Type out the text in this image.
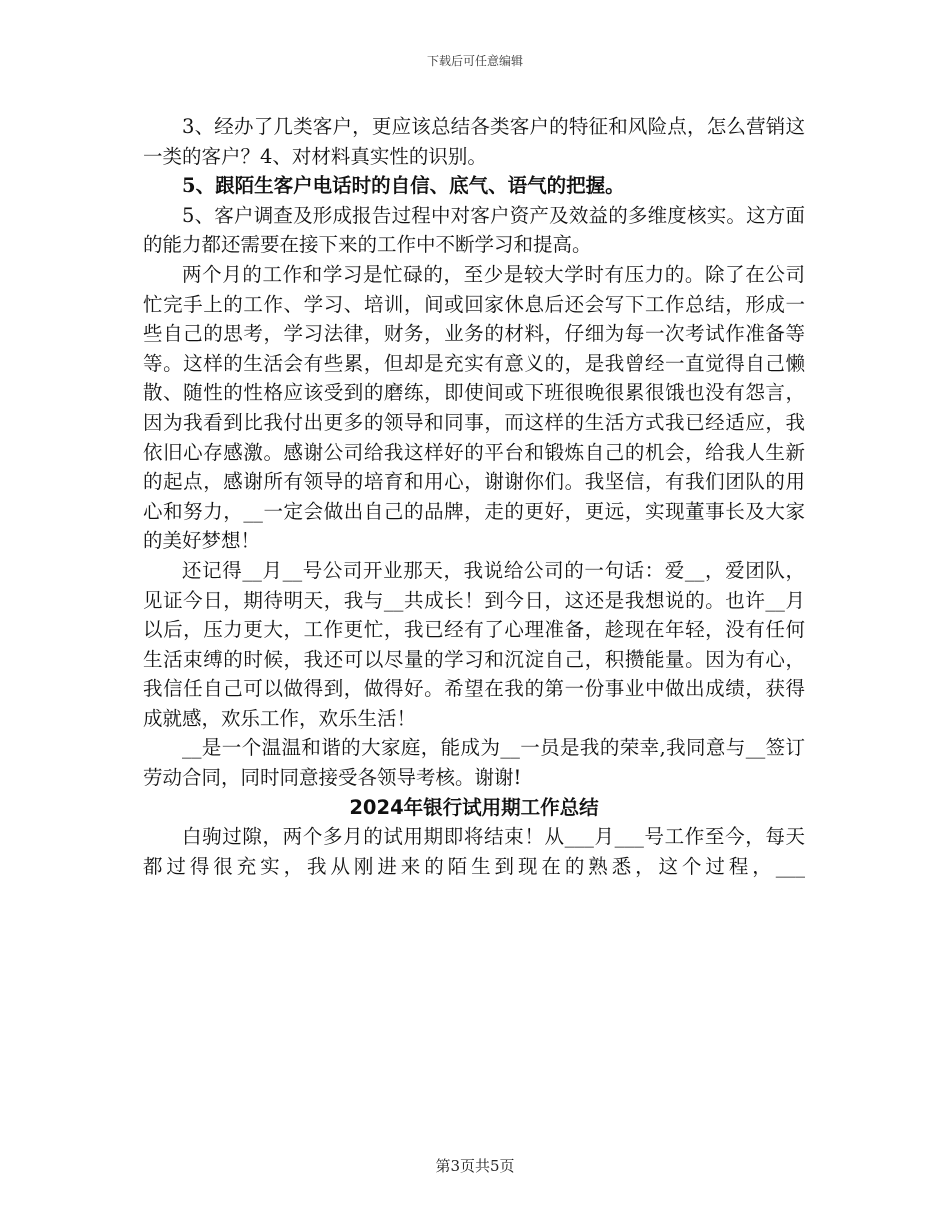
下载后可任意编辑

3、经办了几类客户，更应该总结各类客户的特征和风险点，怎么营销这一类的客户？4、对材料真实性的识别。

5、跟陌生客户电话时的自信、底气、语气的把握。

5、客户调查及形成报告过程中对客户资产及效益的多维度核实。这方面的能力都还需要在接下来的工作中不断学习和提高。

两个月的工作和学习是忙碌的，至少是较大学时有压力的。除了在公司忙完手上的工作、学习、培训，间或回家休息后还会写下工作总结，形成一些自己的思考，学习法律，财务，业务的材料，仔细为每一次考试作准备等等。这样的生活会有些累，但却是充实有意义的，是我曾经一直觉得自己懒散、随性的性格应该受到的磨练，即使间或下班很晚很累很饿也没有怨言，因为我看到比我付出更多的领导和同事，而这样的生活方式我已经适应，我依旧心存感激。感谢公司给我这样好的平台和锻炼自己的机会，给我人生新的起点，感谢所有领导的培育和用心，谢谢你们。我坚信，有我们团队的用心和努力，__一定会做出自己的品牌，走的更好，更远，实现董事长及大家的美好梦想！

还记得__月__号公司开业那天，我说给公司的一句话：爱__，爱团队，见证今日，期待明天，我与__共成长！到今日，这还是我想说的。也许__月以后，压力更大，工作更忙，我已经有了心理准备，趁现在年轻，没有任何生活束缚的时候，我还可以尽量的学习和沉淀自己，积攒能量。因为有心，我信任自己可以做得到，做得好。希望在我的第一份事业中做出成绩，获得成就感，欢乐工作，欢乐生活！

__是一个温温和谐的大家庭，能成为__一员是我的荣幸,我同意与__签订劳动合同，同时同意接受各领导考核。谢谢!

2024年银行试用期工作总结

白驹过隙，两个多月的试用期即将结束！从___月___号工作至今，每天都过得很充实，我从刚进来的陌生到现在的熟悉，这个过程，___

第3页共5页
